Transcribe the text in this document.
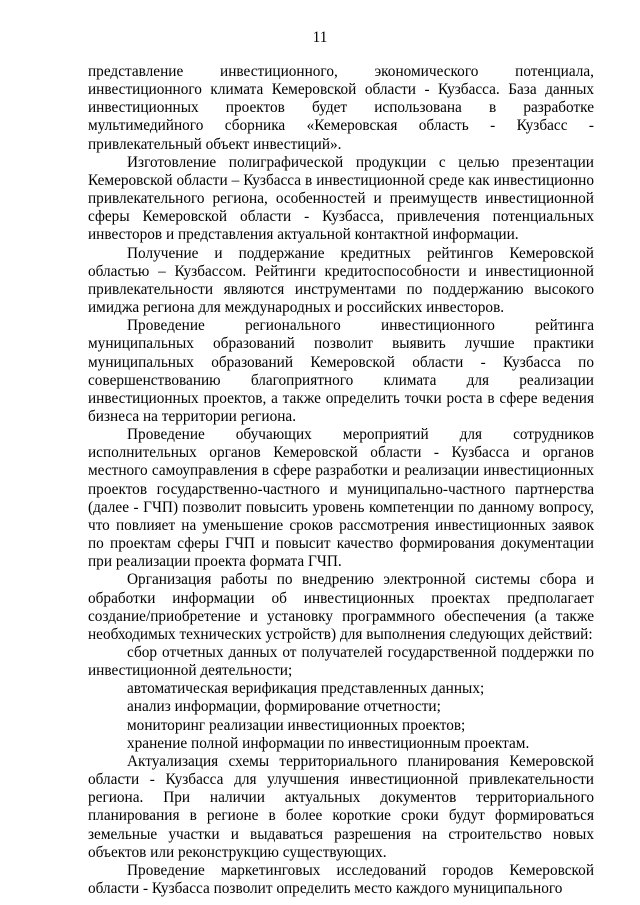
11

представление инвестиционного, экономического потенциала, инвестиционного климата Кемеровской области - Кузбасса. База данных инвестиционных проектов будет использована в разработке мультимедийного сборника «Кемеровская область - Кузбасс - привлекательный объект инвестиций».

Изготовление полиграфической продукции с целью презентации Кемеровской области – Кузбасса в инвестиционной среде как инвестиционно привлекательного региона, особенностей и преимуществ инвестиционной сферы Кемеровской области - Кузбасса, привлечения потенциальных инвесторов и представления актуальной контактной информации.

Получение и поддержание кредитных рейтингов Кемеровской областью – Кузбассом. Рейтинги кредитоспособности и инвестиционной привлекательности являются инструментами по поддержанию высокого имиджа региона для международных и российских инвесторов.

Проведение регионального инвестиционного рейтинга муниципальных образований позволит выявить лучшие практики муниципальных образований Кемеровской области - Кузбасса по совершенствованию благоприятного климата для реализации инвестиционных проектов, а также определить точки роста в сфере ведения бизнеса на территории региона.

Проведение обучающих мероприятий для сотрудников исполнительных органов Кемеровской области - Кузбасса и органов местного самоуправления в сфере разработки и реализации инвестиционных проектов государственно-частного и муниципально-частного партнерства (далее - ГЧП) позволит повысить уровень компетенции по данному вопросу, что повлияет на уменьшение сроков рассмотрения инвестиционных заявок по проектам сферы ГЧП и повысит качество формирования документации при реализации проекта формата ГЧП.

Организация работы по внедрению электронной системы сбора и обработки информации об инвестиционных проектах предполагает создание/приобретение и установку программного обеспечения (а также необходимых технических устройств) для выполнения следующих действий:

сбор отчетных данных от получателей государственной поддержки по инвестиционной деятельности;

автоматическая верификация представленных данных;

анализ информации, формирование отчетности;

мониторинг реализации инвестиционных проектов;

хранение полной информации по инвестиционным проектам.

Актуализация схемы территориального планирования Кемеровской области - Кузбасса для улучшения инвестиционной привлекательности региона. При наличии актуальных документов территориального планирования в регионе в более короткие сроки будут формироваться земельные участки и выдаваться разрешения на строительство новых объектов или реконструкцию существующих.

Проведение маркетинговых исследований городов Кемеровской области - Кузбасса позволит определить место каждого муниципального
